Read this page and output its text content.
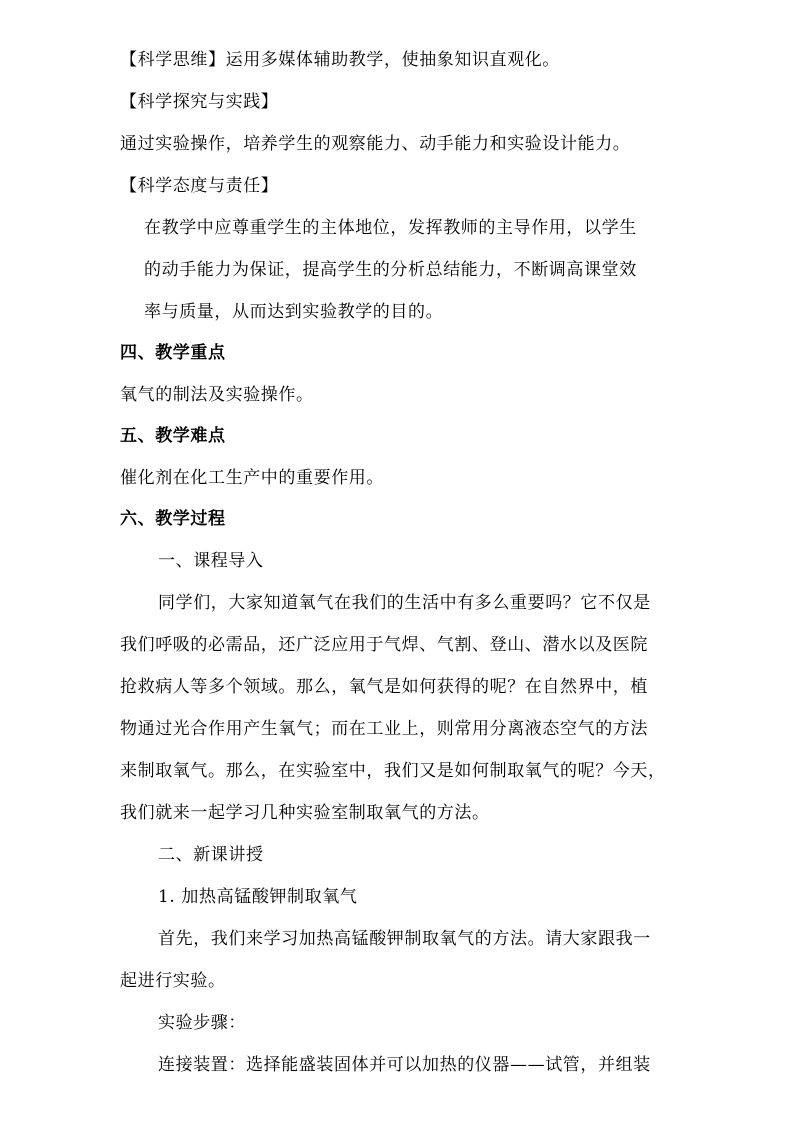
【科学思维】运用多媒体辅助教学，使抽象知识直观化。
【科学探究与实践】
通过实验操作，培养学生的观察能力、动手能力和实验设计能力。
【科学态度与责任】
在教学中应尊重学生的主体地位，发挥教师的主导作用，以学生
的动手能力为保证，提高学生的分析总结能力，不断调高课堂效
率与质量，从而达到实验教学的目的。
四、教学重点
氧气的制法及实验操作。
五、教学难点
催化剂在化工生产中的重要作用。
六、教学过程
一、课程导入
同学们，大家知道氧气在我们的生活中有多么重要吗？它不仅是
我们呼吸的必需品，还广泛应用于气焊、气割、登山、潜水以及医院
抢救病人等多个领域。那么，氧气是如何获得的呢？在自然界中，植
物通过光合作用产生氧气；而在工业上，则常用分离液态空气的方法
来制取氧气。那么，在实验室中，我们又是如何制取氧气的呢？今天，
我们就来一起学习几种实验室制取氧气的方法。
二、新课讲授
1. 加热高锰酸钾制取氧气
首先，我们来学习加热高锰酸钾制取氧气的方法。请大家跟我一
起进行实验。
实验步骤：
连接装置：选择能盛装固体并可以加热的仪器——试管，并组装
